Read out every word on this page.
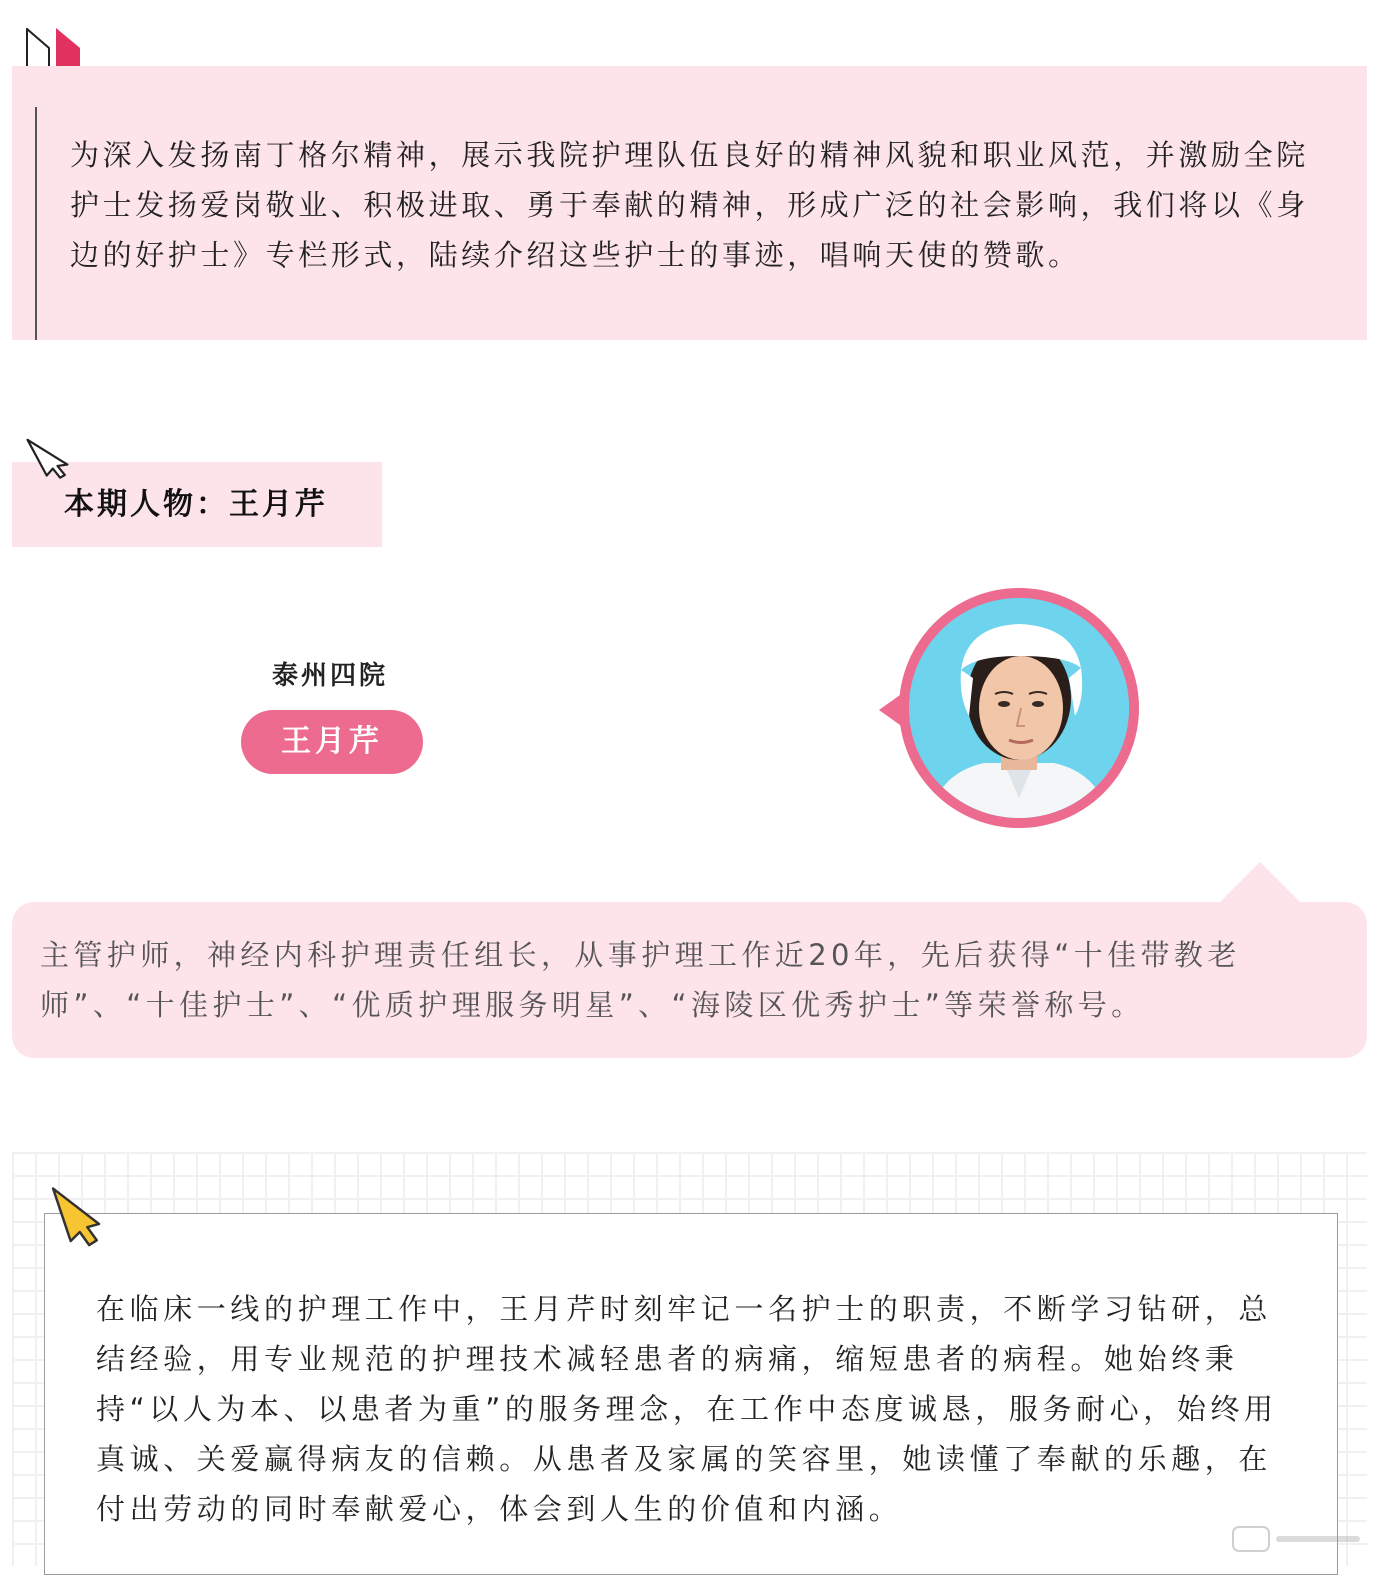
为深入发扬南丁格尔精神，展示我院护理队伍良好的精神风貌和职业风范，并激励全院护士发扬爱岗敬业、积极进取、勇于奉献的精神，形成广泛的社会影响，我们将以《身边的好护士》专栏形式，陆续介绍这些护士的事迹，唱响天使的赞歌。
本期人物：王月芹
泰州四院
王月芹
主管护师，神经内科护理责任组长，从事护理工作近20年，先后获得“十佳带教老师”、“十佳护士”、“优质护理服务明星”、“海陵区优秀护士”等荣誉称号。
在临床一线的护理工作中，王月芹时刻牢记一名护士的职责，不断学习钻研，总结经验，用专业规范的护理技术减轻患者的病痛，缩短患者的病程。她始终秉持“以人为本、以患者为重”的服务理念，在工作中态度诚恳，服务耐心，始终用真诚、关爱赢得病友的信赖。从患者及家属的笑容里，她读懂了奉献的乐趣，在付出劳动的同时奉献爱心，体会到人生的价值和内涵。
